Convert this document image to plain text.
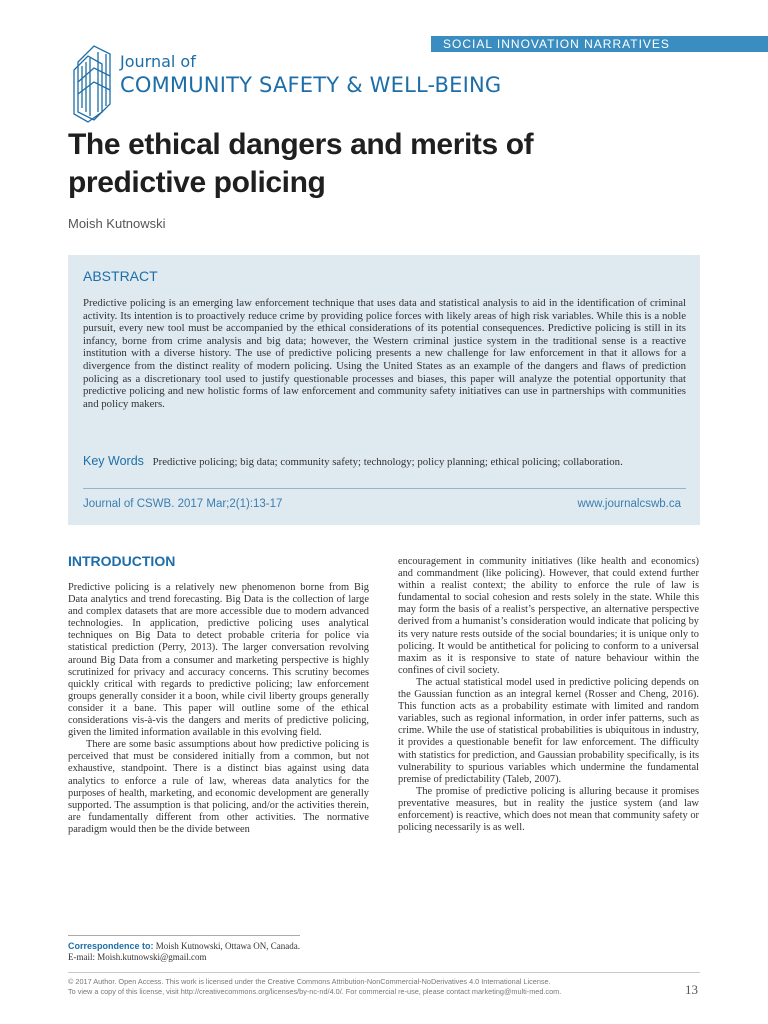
SOCIAL INNOVATION NARRATIVES
Journal of
COMMUNITY SAFETY & WELL-BEING
The ethical dangers and merits of predictive policing
Moish Kutnowski
ABSTRACT

Predictive policing is an emerging law enforcement technique that uses data and statistical analysis to aid in the identification of criminal activity. Its intention is to proactively reduce crime by providing police forces with likely areas of high risk variables. While this is a noble pursuit, every new tool must be accompanied by the ethical considerations of its potential consequences. Predictive policing is still in its infancy, borne from crime analysis and big data; however, the Western criminal justice system in the traditional sense is a reactive institution with a diverse history. The use of predictive policing presents a new challenge for law enforcement in that it allows for a divergence from the distinct reality of modern policing. Using the United States as an example of the dangers and flaws of prediction policing as a discretionary tool used to justify questionable processes and biases, this paper will analyze the potential opportunity that predictive policing and new holistic forms of law enforcement and community safety initiatives can use in partnerships with communities and policy makers.

Key Words Predictive policing; big data; community safety; technology; policy planning; ethical policing; collaboration.
Journal of CSWB. 2017 Mar;2(1):13-17	www.journalcswb.ca
INTRODUCTION

Predictive policing is a relatively new phenomenon borne from Big Data analytics and trend forecasting. Big Data is the collection of large and complex datasets that are more accessible due to modern advanced technologies. In application, predictive policing uses analytical techniques on Big Data to detect probable criteria for police via statistical prediction (Perry, 2013). The larger conversation revolving around Big Data from a consumer and marketing perspective is highly scrutinized for privacy and accuracy concerns. This scrutiny becomes quickly critical with regards to predictive policing; law enforcement groups generally consider it a boon, while civil liberty groups generally consider it a bane. This paper will outline some of the ethical considerations vis-à-vis the dangers and merits of predictive policing, given the limited information available in this evolving field.

There are some basic assumptions about how predictive policing is perceived that must be considered initially from a common, but not exhaustive, standpoint. There is a distinct bias against using data analytics to enforce a rule of law, whereas data analytics for the purposes of health, marketing, and economic development are generally supported. The assumption is that policing, and/or the activities therein, are fundamentally different from other activities. The normative paradigm would then be the divide between

encouragement in community initiatives (like health and economics) and commandment (like policing). However, that could extend further within a realist context; the ability to enforce the rule of law is fundamental to social cohesion and rests solely in the state. While this may form the basis of a realist’s perspective, an alternative perspective derived from a humanist’s consideration would indicate that policing by its very nature rests outside of the social boundaries; it is unique only to policing. It would be antithetical for policing to conform to a universal maxim as it is responsive to state of nature behaviour within the confines of civil society.

The actual statistical model used in predictive policing depends on the Gaussian function as an integral kernel (Rosser and Cheng, 2016). This function acts as a probability estimate with limited and random variables, such as regional information, in order infer patterns, such as crime. While the use of statistical probabilities is ubiquitous in industry, it provides a questionable benefit for law enforcement. The difficulty with statistics for prediction, and Gaussian probability specifically, is its vulnerability to spurious variables which undermine the fundamental premise of predictability (Taleb, 2007).

The promise of predictive policing is alluring because it promises preventative measures, but in reality the justice system (and law enforcement) is reactive, which does not mean that community safety or policing necessarily is as well.

Correspondence to: Moish Kutnowski, Ottawa ON, Canada.
E-mail: Moish.kutnowski@gmail.com
© 2017 Author. Open Access. This work is licensed under the Creative Commons Attribution-NonCommercial-NoDerivatives 4.0 International License.
To view a copy of this license, visit http://creativecommons.org/licenses/by-nc-nd/4.0/. For commercial re-use, please contact marketing@multi-med.com.	13
